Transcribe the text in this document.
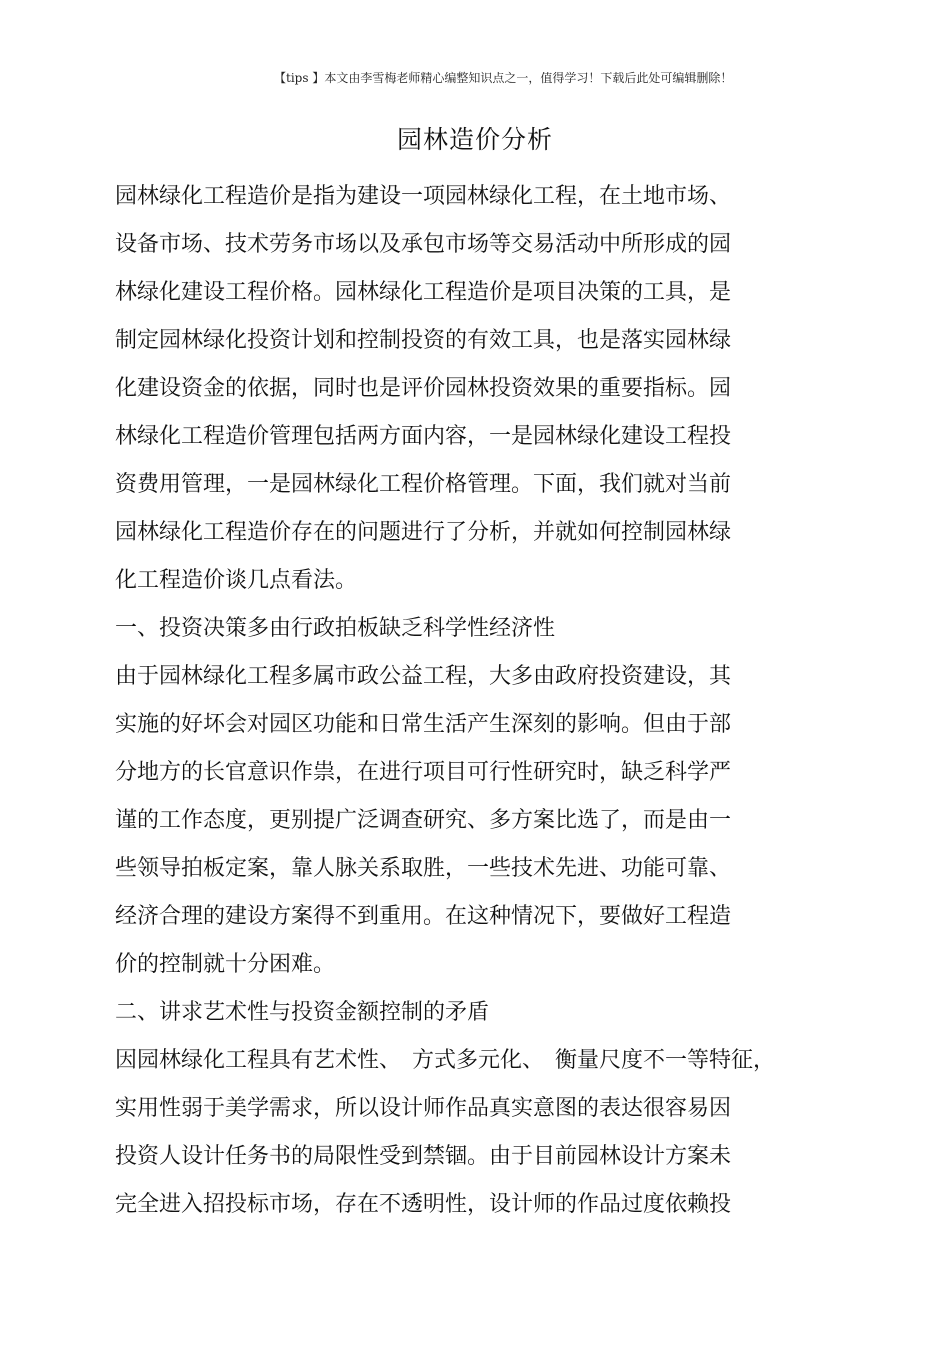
【tips 】本文由李雪梅老师精心编整知识点之一，值得学习！下载后此处可编辑删除！
园林造价分析
园林绿化工程造价是指为建设一项园林绿化工程，在土地市场、
设备市场、技术劳务市场以及承包市场等交易活动中所形成的园
林绿化建设工程价格。园林绿化工程造价是项目决策的工具，是
制定园林绿化投资计划和控制投资的有效工具，也是落实园林绿
化建设资金的依据，同时也是评价园林投资效果的重要指标。园
林绿化工程造价管理包括两方面内容，一是园林绿化建设工程投
资费用管理，一是园林绿化工程价格管理。下面，我们就对当前
园林绿化工程造价存在的问题进行了分析，并就如何控制园林绿
化工程造价谈几点看法。
一、投资决策多由行政拍板缺乏科学性经济性
由于园林绿化工程多属市政公益工程，大多由政府投资建设，其
实施的好坏会对园区功能和日常生活产生深刻的影响。但由于部
分地方的长官意识作祟，在进行项目可行性研究时，缺乏科学严
谨的工作态度，更别提广泛调查研究、多方案比选了，而是由一
些领导拍板定案，靠人脉关系取胜，一些技术先进、功能可靠、
经济合理的建设方案得不到重用。在这种情况下，要做好工程造
价的控制就十分困难。
二、讲求艺术性与投资金额控制的矛盾
因园林绿化工程具有艺术性、　方式多元化、　衡量尺度不一等特征，
实用性弱于美学需求，所以设计师作品真实意图的表达很容易因
投资人设计任务书的局限性受到禁锢。由于目前园林设计方案未
完全进入招投标市场，存在不透明性，设计师的作品过度依赖投
